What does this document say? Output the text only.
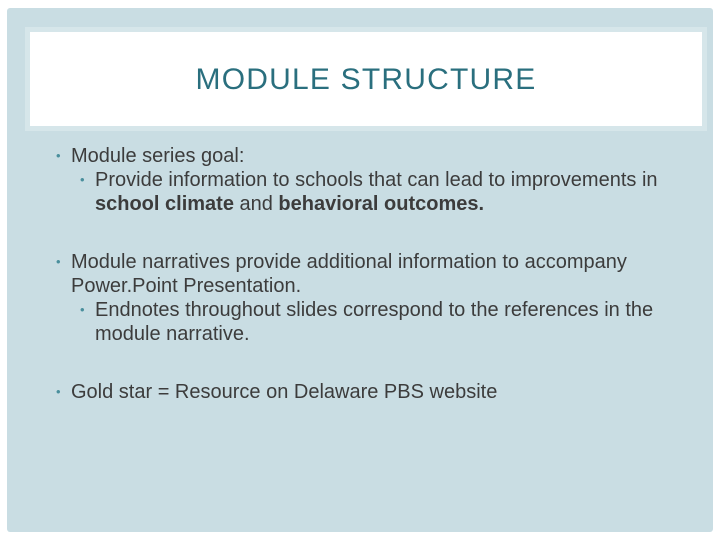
MODULE STRUCTURE
• Module series goal:
• Provide information to schools that can lead to improvements in school climate and behavioral outcomes.
• Module narratives provide additional information to accompany Power.Point Presentation.
• Endnotes throughout slides correspond to the references in the module narrative.
• Gold star = Resource on Delaware PBS website
